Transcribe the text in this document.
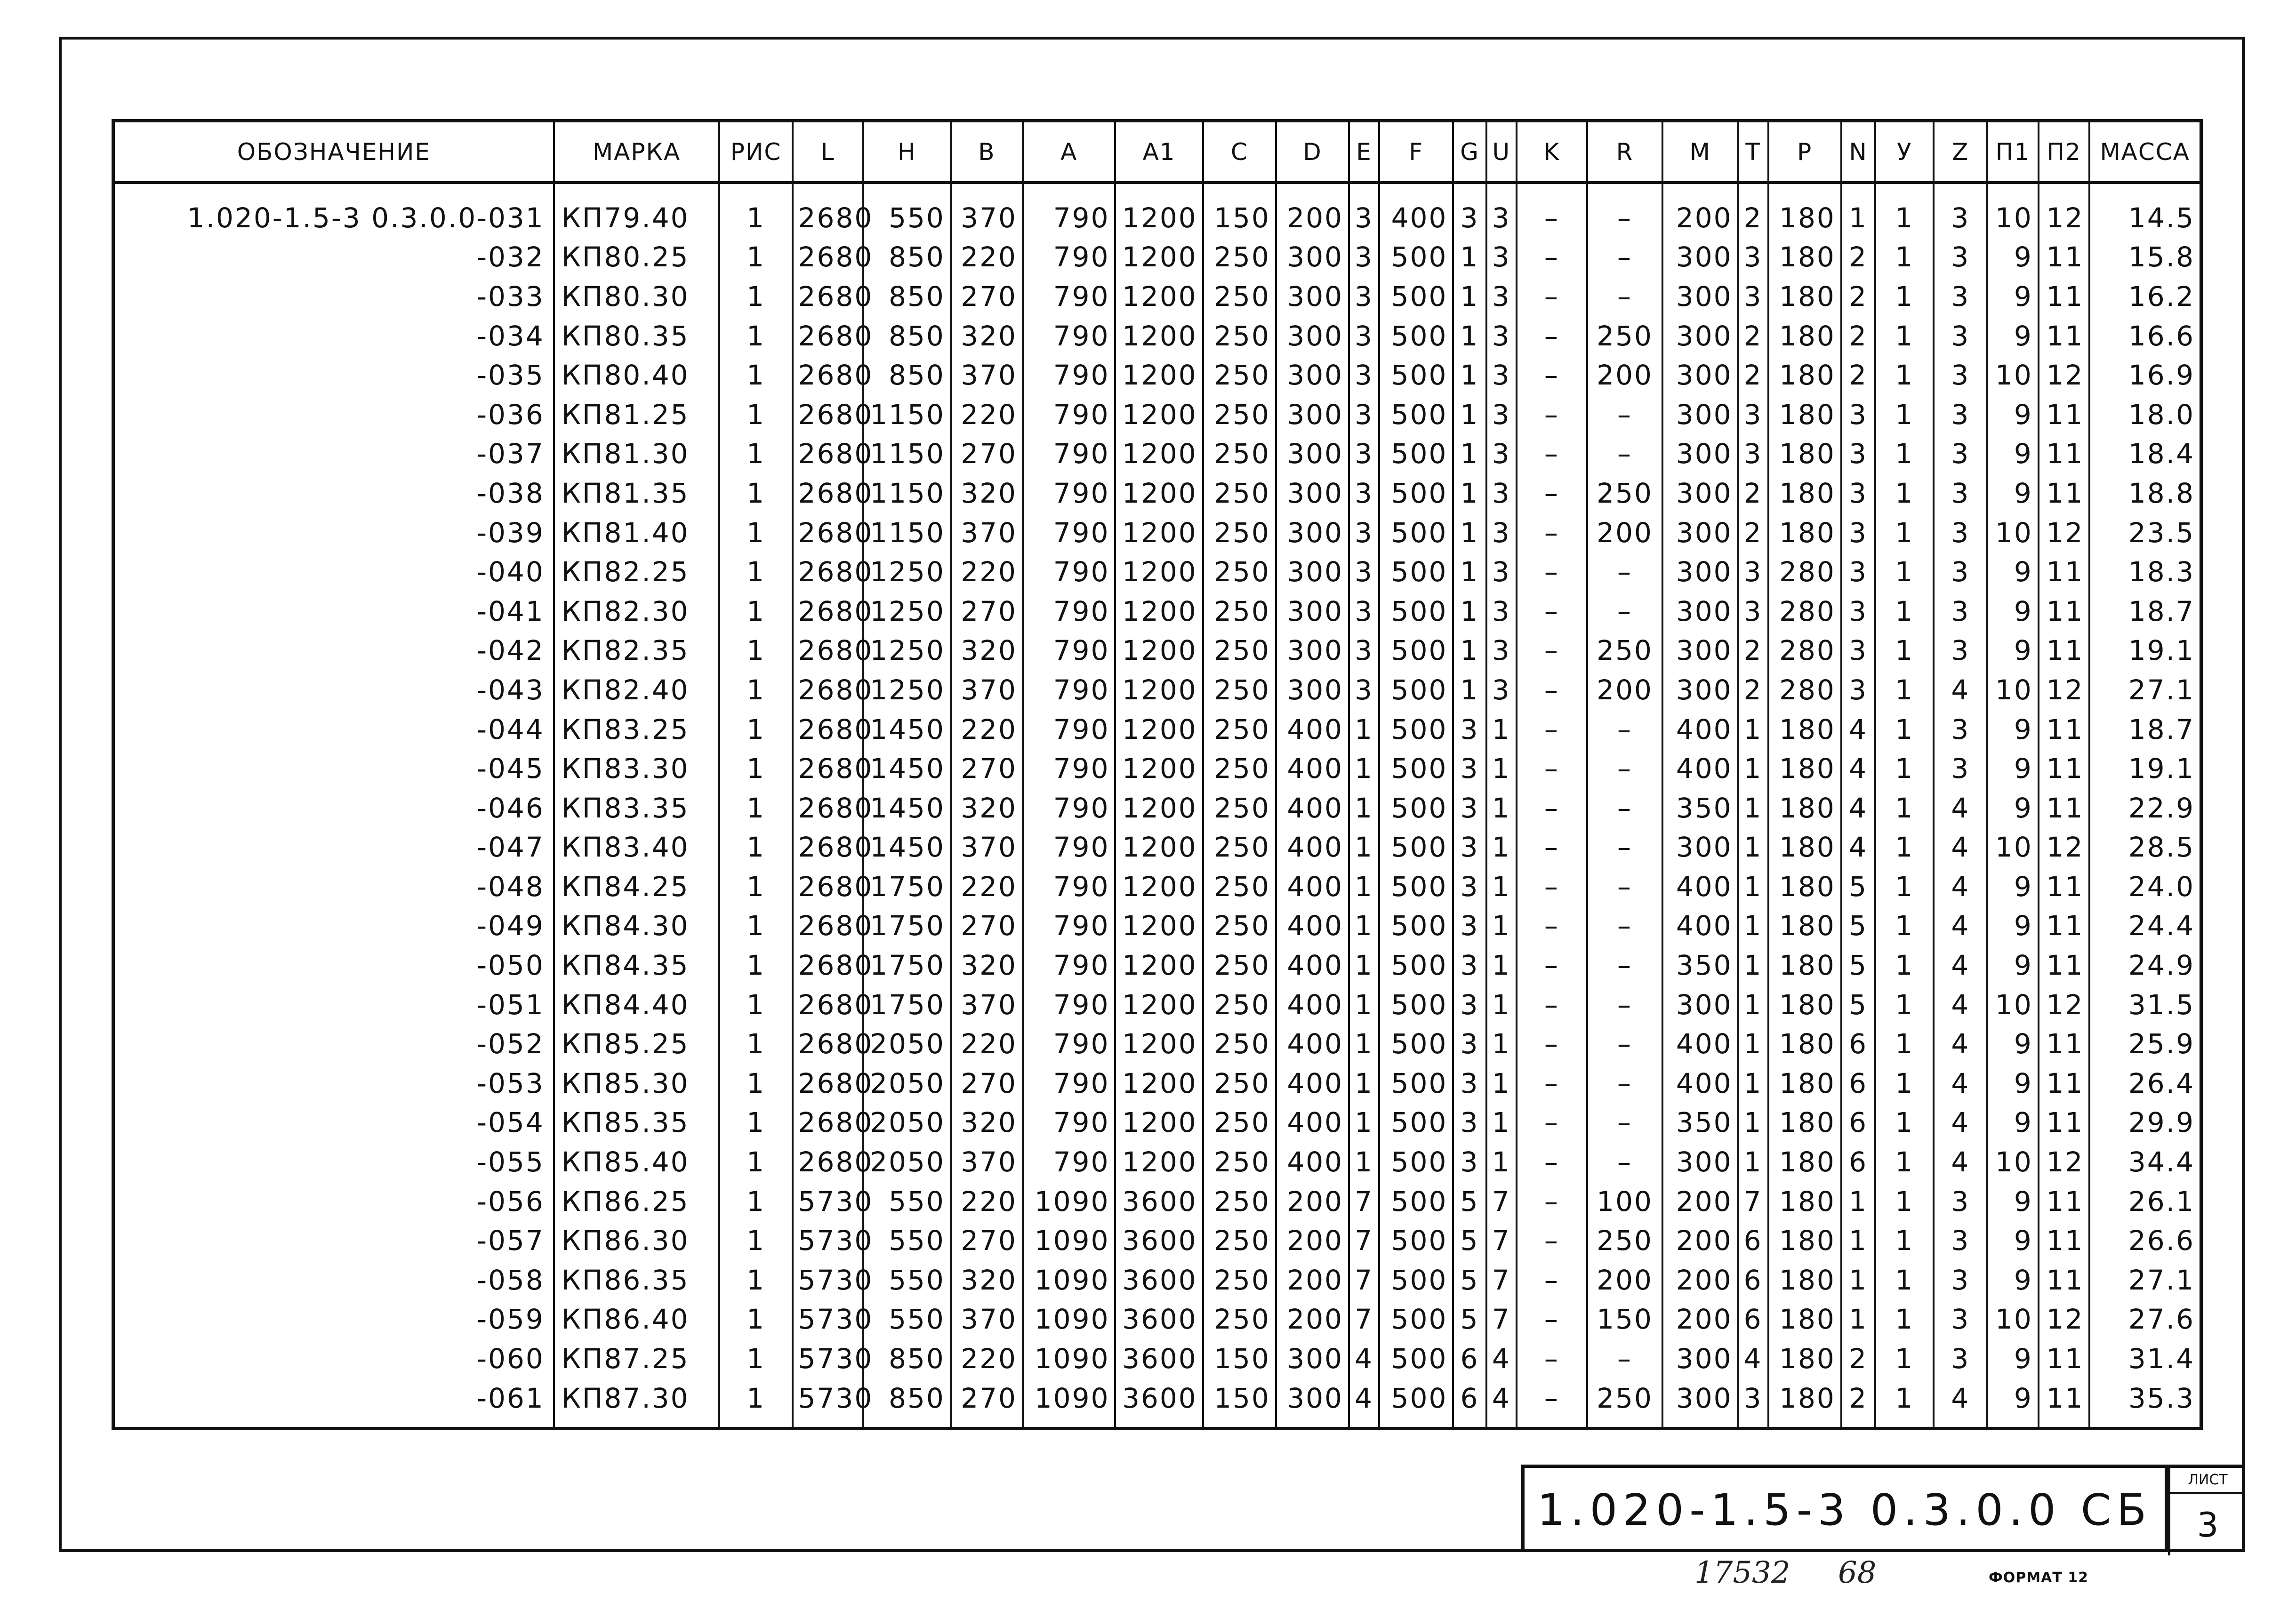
ОБОЗНАЧЕНИЕ	МАРКА	РИС	L	H	B	A	A1	C	D	E	F	G	U	K	R	M	T	P	N	У	Z	П1	П2	МАССА
1.020-1.5-3 0.3.0.0-031	КП79.40	1	2680	550	370	790	1200	150	200	3	400	3	3	–	–	200	2	180	1	1	3	10	12	14.5
-032	КП80.25	1	2680	850	220	790	1200	250	300	3	500	1	3	–	–	300	3	180	2	1	3	9	11	15.8
-033	КП80.30	1	2680	850	270	790	1200	250	300	3	500	1	3	–	–	300	3	180	2	1	3	9	11	16.2
-034	КП80.35	1	2680	850	320	790	1200	250	300	3	500	1	3	–	250	300	2	180	2	1	3	9	11	16.6
-035	КП80.40	1	2680	850	370	790	1200	250	300	3	500	1	3	–	200	300	2	180	2	1	3	10	12	16.9
-036	КП81.25	1	2680	1150	220	790	1200	250	300	3	500	1	3	–	–	300	3	180	3	1	3	9	11	18.0
-037	КП81.30	1	2680	1150	270	790	1200	250	300	3	500	1	3	–	–	300	3	180	3	1	3	9	11	18.4
-038	КП81.35	1	2680	1150	320	790	1200	250	300	3	500	1	3	–	250	300	2	180	3	1	3	9	11	18.8
-039	КП81.40	1	2680	1150	370	790	1200	250	300	3	500	1	3	–	200	300	2	180	3	1	3	10	12	23.5
-040	КП82.25	1	2680	1250	220	790	1200	250	300	3	500	1	3	–	–	300	3	280	3	1	3	9	11	18.3
-041	КП82.30	1	2680	1250	270	790	1200	250	300	3	500	1	3	–	–	300	3	280	3	1	3	9	11	18.7
-042	КП82.35	1	2680	1250	320	790	1200	250	300	3	500	1	3	–	250	300	2	280	3	1	3	9	11	19.1
-043	КП82.40	1	2680	1250	370	790	1200	250	300	3	500	1	3	–	200	300	2	280	3	1	4	10	12	27.1
-044	КП83.25	1	2680	1450	220	790	1200	250	400	1	500	3	1	–	–	400	1	180	4	1	3	9	11	18.7
-045	КП83.30	1	2680	1450	270	790	1200	250	400	1	500	3	1	–	–	400	1	180	4	1	3	9	11	19.1
-046	КП83.35	1	2680	1450	320	790	1200	250	400	1	500	3	1	–	–	350	1	180	4	1	4	9	11	22.9
-047	КП83.40	1	2680	1450	370	790	1200	250	400	1	500	3	1	–	–	300	1	180	4	1	4	10	12	28.5
-048	КП84.25	1	2680	1750	220	790	1200	250	400	1	500	3	1	–	–	400	1	180	5	1	4	9	11	24.0
-049	КП84.30	1	2680	1750	270	790	1200	250	400	1	500	3	1	–	–	400	1	180	5	1	4	9	11	24.4
-050	КП84.35	1	2680	1750	320	790	1200	250	400	1	500	3	1	–	–	350	1	180	5	1	4	9	11	24.9
-051	КП84.40	1	2680	1750	370	790	1200	250	400	1	500	3	1	–	–	300	1	180	5	1	4	10	12	31.5
-052	КП85.25	1	2680	2050	220	790	1200	250	400	1	500	3	1	–	–	400	1	180	6	1	4	9	11	25.9
-053	КП85.30	1	2680	2050	270	790	1200	250	400	1	500	3	1	–	–	400	1	180	6	1	4	9	11	26.4
-054	КП85.35	1	2680	2050	320	790	1200	250	400	1	500	3	1	–	–	350	1	180	6	1	4	9	11	29.9
-055	КП85.40	1	2680	2050	370	790	1200	250	400	1	500	3	1	–	–	300	1	180	6	1	4	10	12	34.4
-056	КП86.25	1	5730	550	220	1090	3600	250	200	7	500	5	7	–	100	200	7	180	1	1	3	9	11	26.1
-057	КП86.30	1	5730	550	270	1090	3600	250	200	7	500	5	7	–	250	200	6	180	1	1	3	9	11	26.6
-058	КП86.35	1	5730	550	320	1090	3600	250	200	7	500	5	7	–	200	200	6	180	1	1	3	9	11	27.1
-059	КП86.40	1	5730	550	370	1090	3600	250	200	7	500	5	7	–	150	200	6	180	1	1	3	10	12	27.6
-060	КП87.25	1	5730	850	220	1090	3600	150	300	4	500	6	4	–	–	300	4	180	2	1	3	9	11	31.4
-061	КП87.30	1	5730	850	270	1090	3600	150	300	4	500	6	4	–	250	300	3	180	2	1	4	9	11	35.3
1.020-1.5-3 0.3.0.0 СБ
ЛИСТ
3
17532 68	ФОРМАТ 12
